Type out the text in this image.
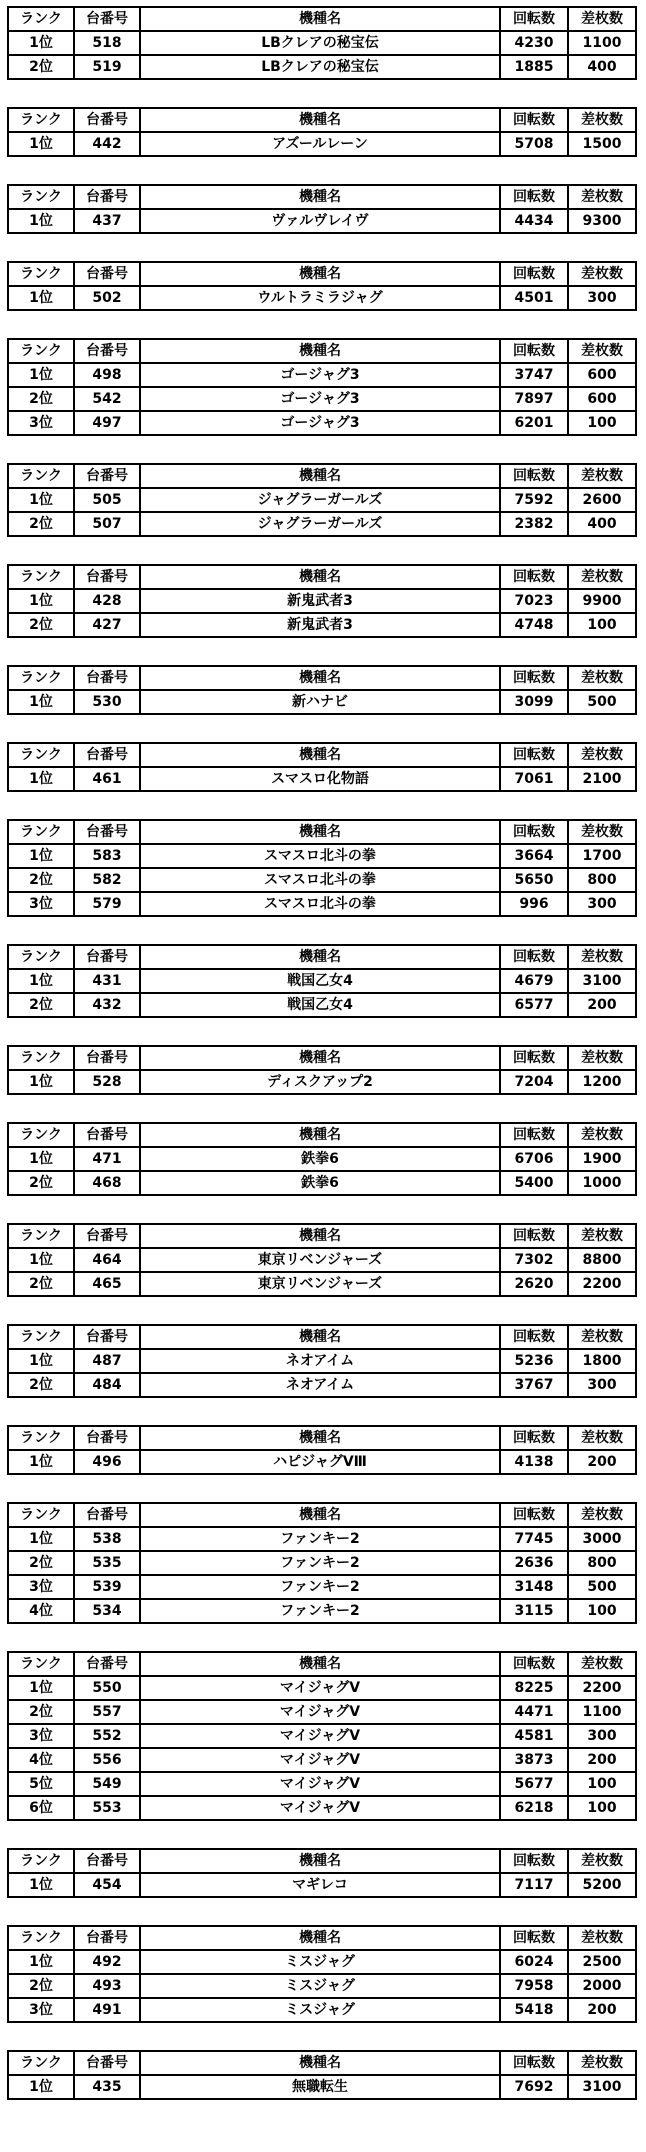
ランク	台番号	機種名	回転数	差枚数
1位	518	LBクレアの秘宝伝	4230	1100
2位	519	LBクレアの秘宝伝	1885	400
ランク	台番号	機種名	回転数	差枚数
1位	442	アズールレーン	5708	1500
ランク	台番号	機種名	回転数	差枚数
1位	437	ヴァルヴレイヴ	4434	9300
ランク	台番号	機種名	回転数	差枚数
1位	502	ウルトラミラジャグ	4501	300
ランク	台番号	機種名	回転数	差枚数
1位	498	ゴージャグ3	3747	600
2位	542	ゴージャグ3	7897	600
3位	497	ゴージャグ3	6201	100
ランク	台番号	機種名	回転数	差枚数
1位	505	ジャグラーガールズ	7592	2600
2位	507	ジャグラーガールズ	2382	400
ランク	台番号	機種名	回転数	差枚数
1位	428	新鬼武者3	7023	9900
2位	427	新鬼武者3	4748	100
ランク	台番号	機種名	回転数	差枚数
1位	530	新ハナビ	3099	500
ランク	台番号	機種名	回転数	差枚数
1位	461	スマスロ化物語	7061	2100
ランク	台番号	機種名	回転数	差枚数
1位	583	スマスロ北斗の拳	3664	1700
2位	582	スマスロ北斗の拳	5650	800
3位	579	スマスロ北斗の拳	996	300
ランク	台番号	機種名	回転数	差枚数
1位	431	戦国乙女4	4679	3100
2位	432	戦国乙女4	6577	200
ランク	台番号	機種名	回転数	差枚数
1位	528	ディスクアップ2	7204	1200
ランク	台番号	機種名	回転数	差枚数
1位	471	鉄拳6	6706	1900
2位	468	鉄拳6	5400	1000
ランク	台番号	機種名	回転数	差枚数
1位	464	東京リベンジャーズ	7302	8800
2位	465	東京リベンジャーズ	2620	2200
ランク	台番号	機種名	回転数	差枚数
1位	487	ネオアイム	5236	1800
2位	484	ネオアイム	3767	300
ランク	台番号	機種名	回転数	差枚数
1位	496	ハピジャグVⅢ	4138	200
ランク	台番号	機種名	回転数	差枚数
1位	538	ファンキー2	7745	3000
2位	535	ファンキー2	2636	800
3位	539	ファンキー2	3148	500
4位	534	ファンキー2	3115	100
ランク	台番号	機種名	回転数	差枚数
1位	550	マイジャグV	8225	2200
2位	557	マイジャグV	4471	1100
3位	552	マイジャグV	4581	300
4位	556	マイジャグV	3873	200
5位	549	マイジャグV	5677	100
6位	553	マイジャグV	6218	100
ランク	台番号	機種名	回転数	差枚数
1位	454	マギレコ	7117	5200
ランク	台番号	機種名	回転数	差枚数
1位	492	ミスジャグ	6024	2500
2位	493	ミスジャグ	7958	2000
3位	491	ミスジャグ	5418	200
ランク	台番号	機種名	回転数	差枚数
1位	435	無職転生	7692	3100
